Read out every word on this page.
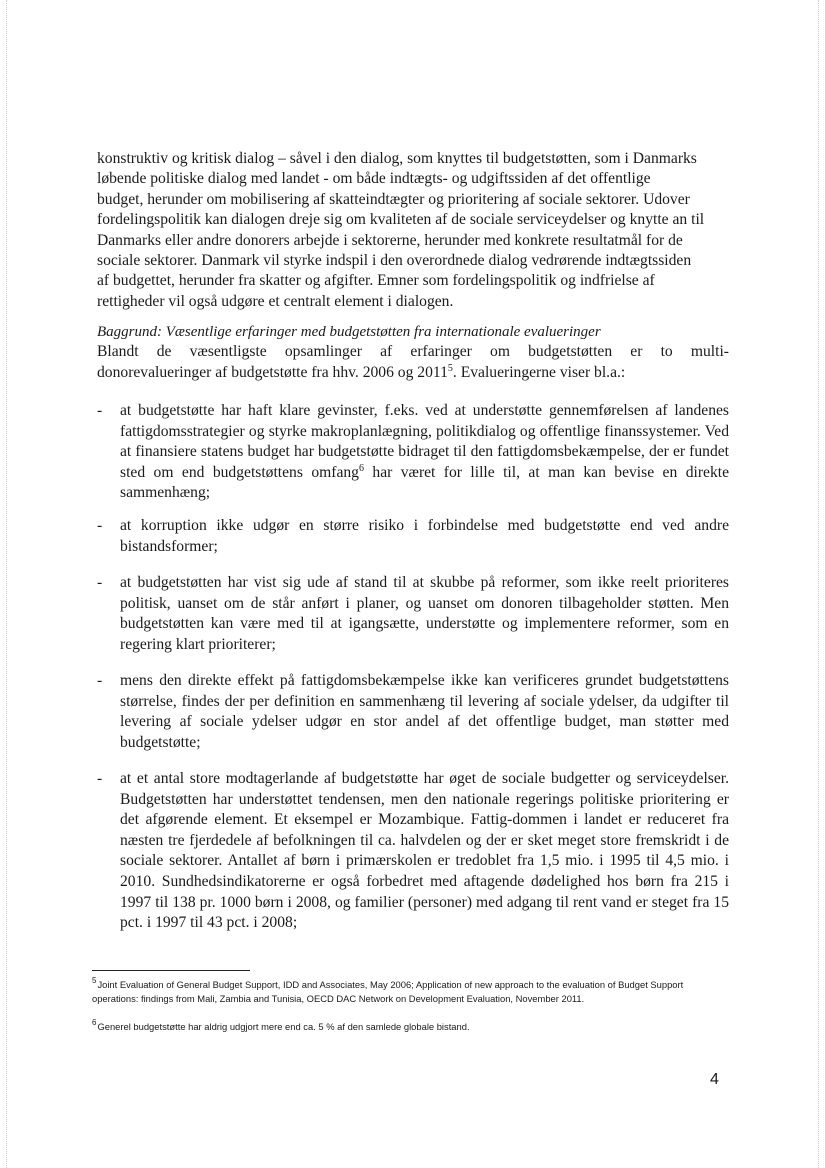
konstruktiv og kritisk dialog – såvel i den dialog, som knyttes til budgetstøtten, som i Danmarks
løbende politiske dialog med landet - om både indtægts- og udgiftssiden af det offentlige
budget, herunder om mobilisering af skatteindtægter og prioritering af sociale sektorer. Udover
fordelingspolitik kan dialogen dreje sig om kvaliteten af de sociale serviceydelser og knytte an til
Danmarks eller andre donorers arbejde i sektorerne, herunder med konkrete resultatmål for de
sociale sektorer. Danmark vil styrke indspil i den overordnede dialog vedrørende indtægtssiden
af budgettet, herunder fra skatter og afgifter. Emner som fordelingspolitik og indfrielse af
rettigheder vil også udgøre et centralt element i dialogen.
Baggrund: Væsentlige erfaringer med budgetstøtten fra internationale evalueringer
Blandt de væsentligste opsamlinger af erfaringer om budgetstøtten er to multi-
donorevalueringer af budgetstøtte fra hhv. 2006 og 2011$^5$. Evalueringerne viser bl.a.:
- at budgetstøtte har haft klare gevinster, f.eks. ved at understøtte gennemførelsen af landenes fattigdomsstrategier og styrke makroplanlægning, politikdialog og offentlige finanssystemer. Ved at finansiere statens budget har budgetstøtte bidraget til den fattigdomsbekæmpelse, der er fundet sted om end budgetstøttens omfang$^6$ har været for lille til, at man kan bevise en direkte sammenhæng;
- at korruption ikke udgør en større risiko i forbindelse med budgetstøtte end ved andre bistandsformer;
- at budgetstøtten har vist sig ude af stand til at skubbe på reformer, som ikke reelt prioriteres politisk, uanset om de står anført i planer, og uanset om donoren tilbageholder støtten. Men budgetstøtten kan være med til at igangsætte, understøtte og implementere reformer, som en regering klart prioriterer;
- mens den direkte effekt på fattigdomsbekæmpelse ikke kan verificeres grundet budgetstøttens størrelse, findes der per definition en sammenhæng til levering af sociale ydelser, da udgifter til levering af sociale ydelser udgør en stor andel af det offentlige budget, man støtter med budgetstøtte;
- at et antal store modtagerlande af budgetstøtte har øget de sociale budgetter og serviceydelser. Budgetstøtten har understøttet tendensen, men den nationale regerings politiske prioritering er det afgørende element. Et eksempel er Mozambique. Fattig-dommen i landet er reduceret fra næsten tre fjerdedele af befolkningen til ca. halvdelen og der er sket meget store fremskridt i de sociale sektorer. Antallet af børn i primærskolen er tredoblet fra 1,5 mio. i 1995 til 4,5 mio. i 2010. Sundhedsindikatorerne er også forbedret med aftagende dødelighed hos børn fra 215 i 1997 til 138 pr. 1000 børn i 2008, og familier (personer) med adgang til rent vand er steget fra 15 pct. i 1997 til 43 pct. i 2008;
$^5$Joint Evaluation of General Budget Support, IDD and Associates, May 2006; Application of new approach to the evaluation of Budget Support operations: findings from Mali, Zambia and Tunisia, OECD DAC Network on Development Evaluation, November 2011.
$^6$Generel budgetstøtte har aldrig udgjort mere end ca. 5 % af den samlede globale bistand.
4
